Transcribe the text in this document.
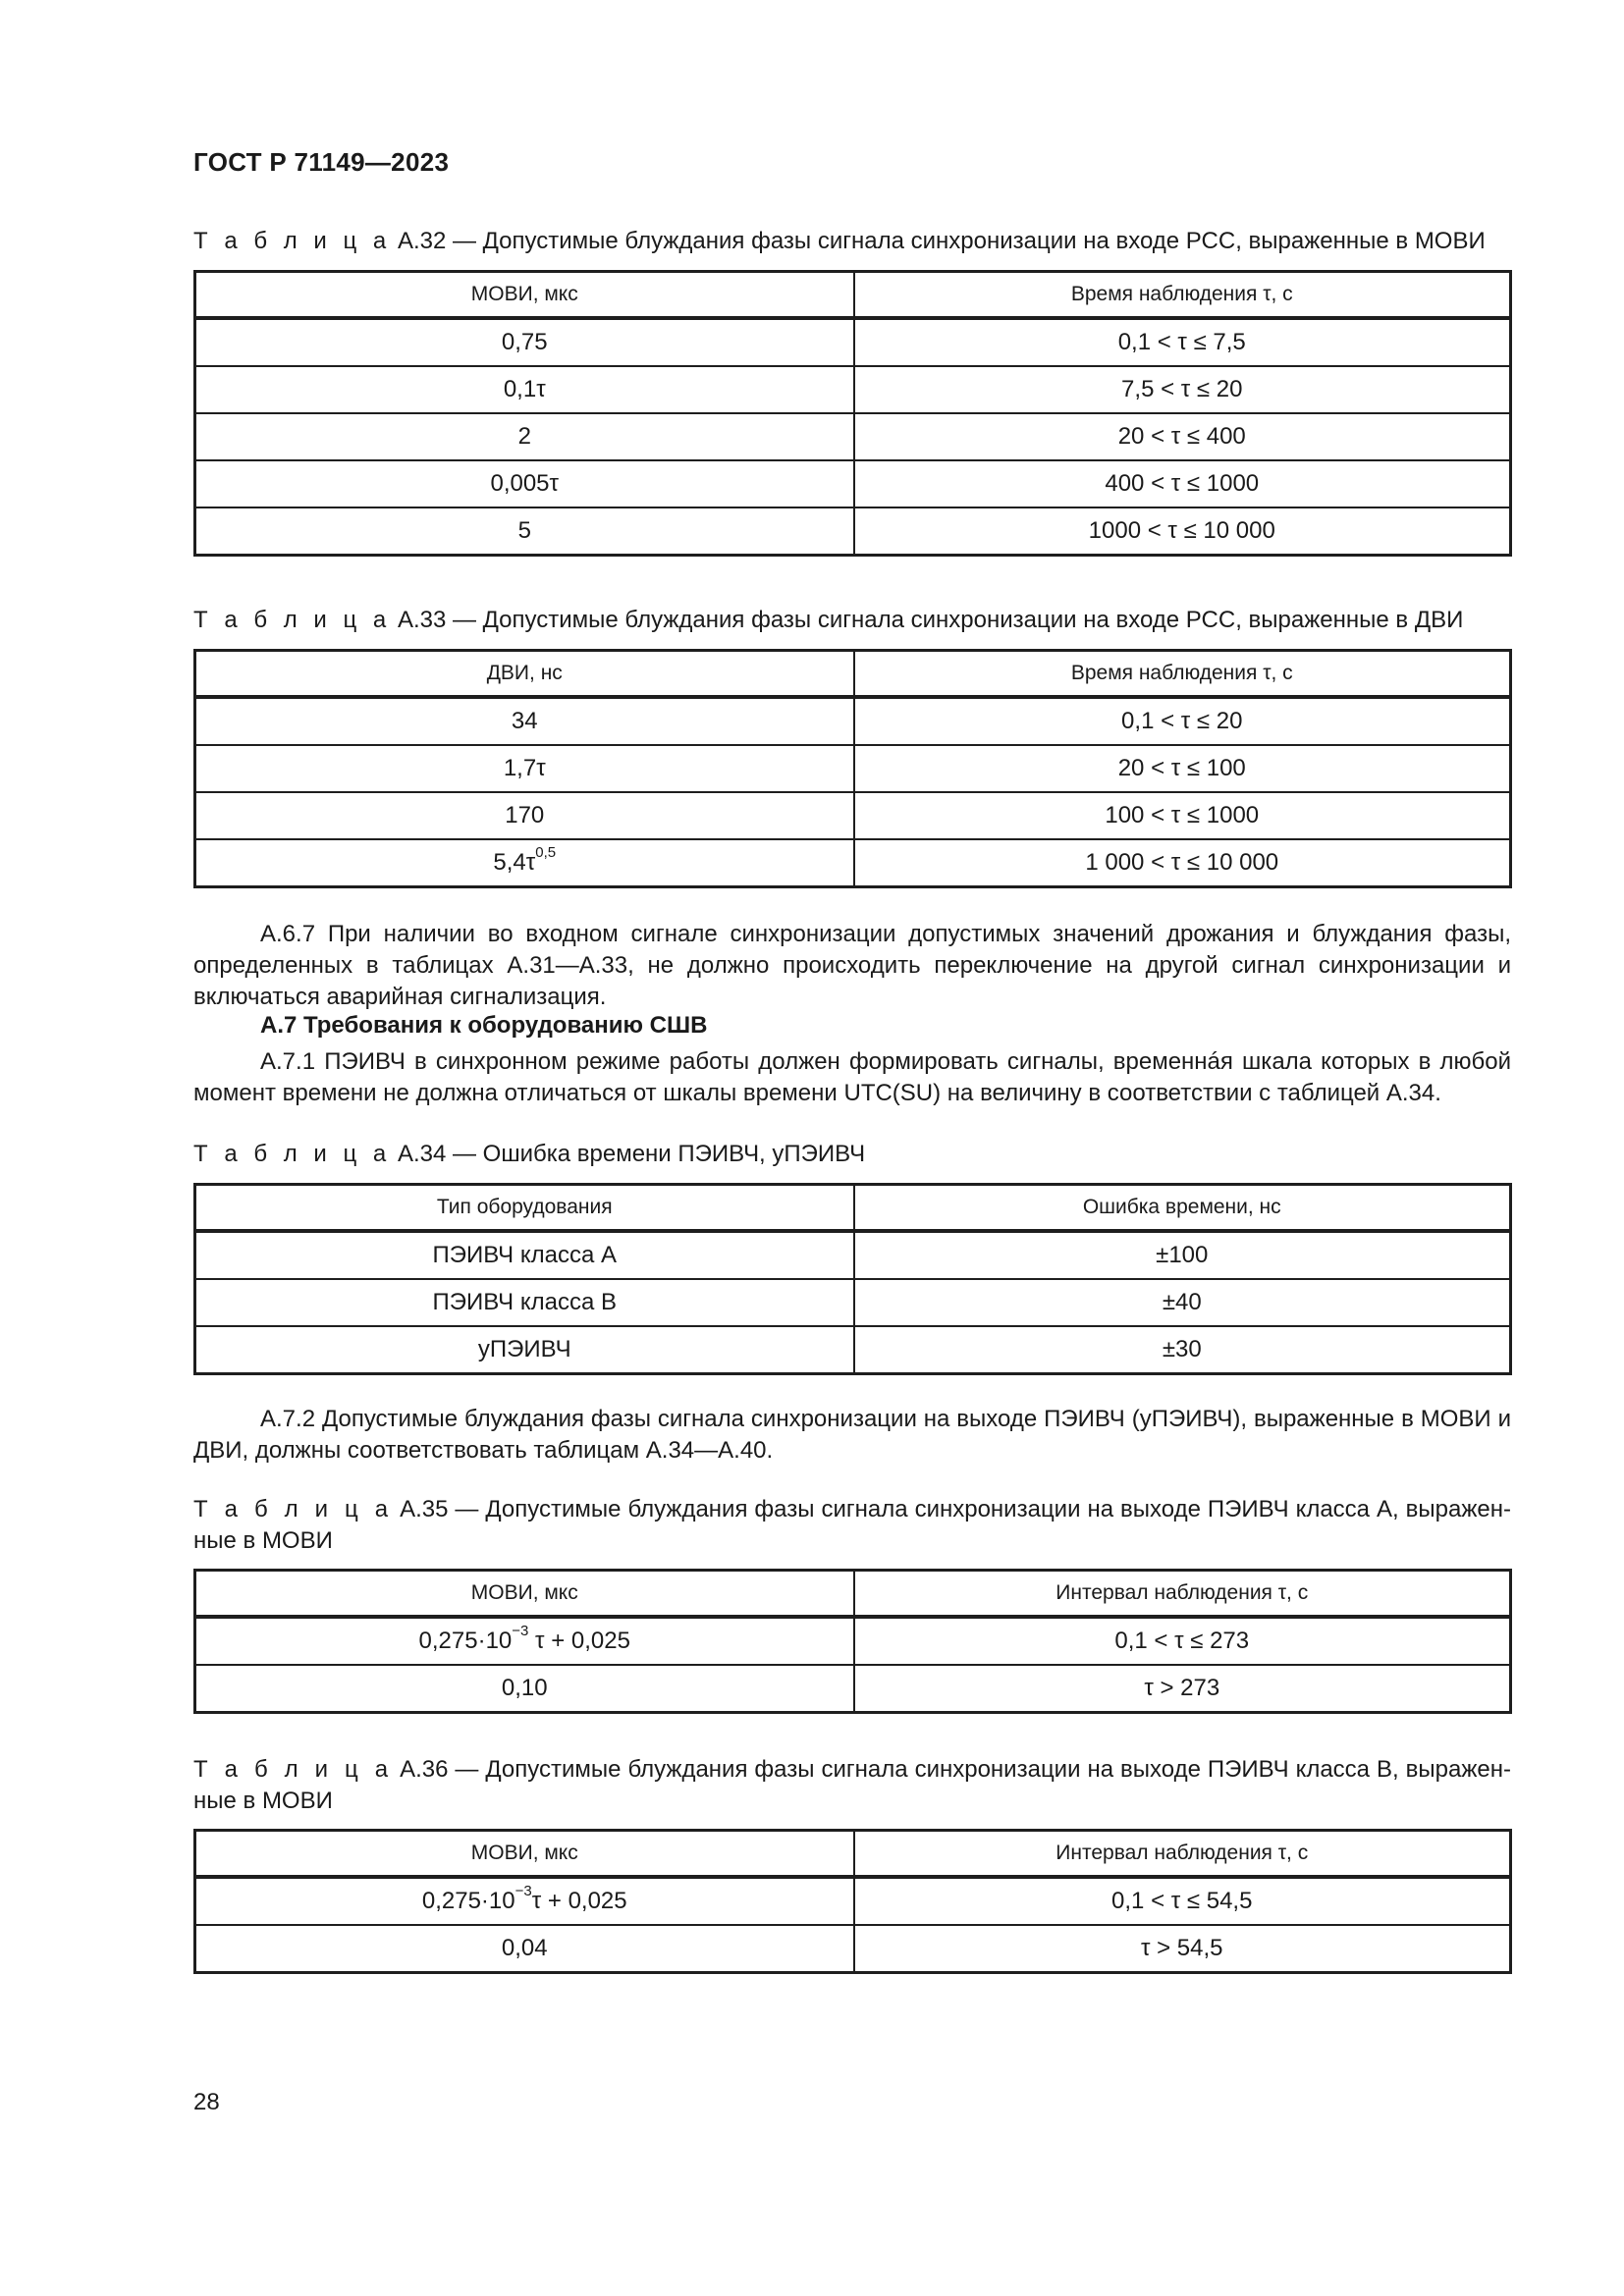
ГОСТ Р 71149—2023
Т а б л и ц а А.32 — Допустимые блуждания фазы сигнала синхронизации на входе РСС, выраженные в МОВИ
МОВИ, мкс	Время наблюдения τ, с
0,75	0,1 < τ ≤ 7,5
0,1τ	7,5 < τ ≤ 20
2	20 < τ ≤ 400
0,005τ	400 < τ ≤ 1000
5	1000 < τ ≤ 10 000
Т а б л и ц а А.33 — Допустимые блуждания фазы сигнала синхронизации на входе РСС, выраженные в ДВИ
ДВИ, нс	Время наблюдения τ, с
34	0,1 < τ ≤ 20
1,7τ	20 < τ ≤ 100
170	100 < τ ≤ 1000
$5,4\tau^{0,5}$	1 000 < τ ≤ 10 000
А.6.7 При наличии во входном сигнале синхронизации допустимых значений дрожания и блуждания фазы, определенных в таблицах А.31—А.33, не должно происходить переключение на другой сигнал синхронизации и включаться аварийная сигнализация.
А.7 Требования к оборудованию СШВ
А.7.1 ПЭИВЧ в синхронном режиме работы должен формировать сигналы, временнáя шкала которых в любой момент времени не должна отличаться от шкалы времени UTC(SU) на величину в соответствии с таблицей А.34.
Т а б л и ц а А.34 — Ошибка времени ПЭИВЧ, уПЭИВЧ
Тип оборудования	Ошибка времени, нс
ПЭИВЧ класса А	±100
ПЭИВЧ класса В	±40
уПЭИВЧ	±30
А.7.2 Допустимые блуждания фазы сигнала синхронизации на выходе ПЭИВЧ (уПЭИВЧ), выраженные в МОВИ и ДВИ, должны соответствовать таблицам А.34—А.40.
Т а б л и ц а А.35 — Допустимые блуждания фазы сигнала синхронизации на выходе ПЭИВЧ класса А, выражен-ные в МОВИ
МОВИ, мкс	Интервал наблюдения τ, с
$0,275\cdot 10^{-3}$ τ + 0,025	0,1 < τ ≤ 273
0,10	τ > 273
Т а б л и ц а А.36 — Допустимые блуждания фазы сигнала синхронизации на выходе ПЭИВЧ класса В, выражен-ные в МОВИ
МОВИ, мкс	Интервал наблюдения τ, с
$0,275\cdot 10^{-3}\tau + 0,025$	0,1 < τ ≤ 54,5
0,04	τ > 54,5
28
